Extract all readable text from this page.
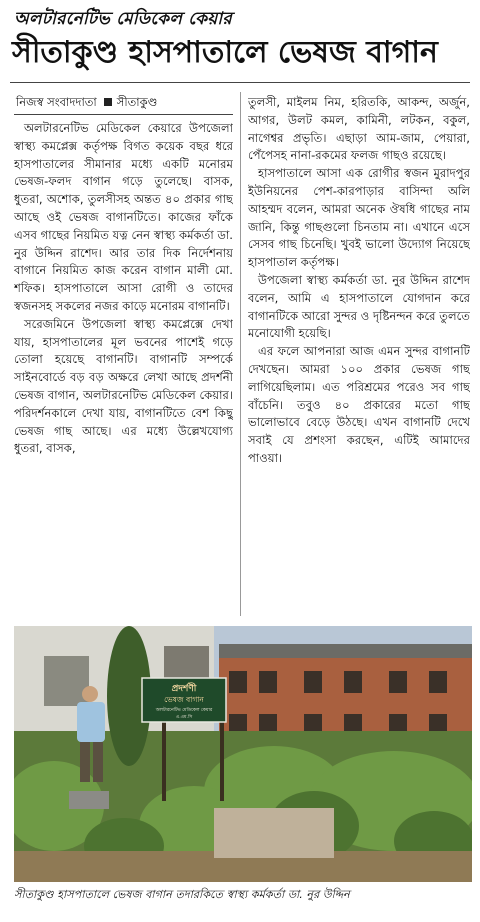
অলটারনেটিভ মেডিকেল কেয়ার
সীতাকুণ্ড হাসপাতালে ভেষজ বাগান
নিজস্ব সংবাদদাতা সীতাকুণ্ড

অলটারনেটিভ মেডিকেল কেয়ারে উপজেলা স্বাস্থ্য কমপ্লেক্স কর্তৃপক্ষ বিগত কয়েক বছর ধরে হাসপাতালের সীমানার মধ্যে একটি মনোরম ভেষজ-ফলদ বাগান গড়ে তুলেছে। বাসক, ধুতরা, অশোক, তুলসীসহ অন্তত ৪০ প্রকার গাছ আছে ওই ভেষজ বাগানটিতে। কাজের ফাঁকে এসব গাছের নিয়মিত যত্ন নেন স্বাস্থ্য কর্মকর্তা ডা. নুর উদ্দিন রাশেদ। আর তার দিক নির্দেশনায় বাগানে নিয়মিত কাজ করেন বাগান মালী মো. শফিক। হাসপাতালে আসা রোগী ও তাদের স্বজনসহ সকলের নজর কাড়ে মনোরম বাগানটি।

সরেজমিনে উপজেলা স্বাস্থ্য কমপ্লেক্সে দেখা যায়, হাসপাতালের মূল ভবনের পাশেই গড়ে তোলা হয়েছে বাগানটি। বাগানটি সম্পর্কে সাইনবোর্ডে বড় বড় অক্ষরে লেখা আছে প্রদর্শনী ভেষজ বাগান, অলটারনেটিভ মেডিকেল কেয়ার। পরিদর্শনকালে দেখা যায়, বাগানটিতে বেশ কিছু ভেষজ গাছ আছে। এর মধ্যে উল্লেখযোগ্য ধুতরা, বাসক,

তুলসী, মাইলম নিম, হরিতকি, আকন্দ, অর্জুন, আগর, উলট কমল, কামিনী, লটকন, বকুল, নাগেশ্বর প্রভৃতি। এছাড়া আম-জাম, পেয়ারা, পেঁপেসহ নানা-রকমের ফলজ গাছও রয়েছে।

হাসপাতালে আসা এক রোগীর স্বজন মুরাদপুর ইউনিয়নের পেশ-কারপাড়ার বাসিন্দা অলি আহম্মদ বলেন, আমরা অনেক ঔষধি গাছের নাম জানি, কিন্তু গাছগুলো চিনতাম না। এখানে এসে সেসব গাছ চিনেছি। খুবই ভালো উদ্যোগ নিয়েছে হাসপাতাল কর্তৃপক্ষ।

উপজেলা স্বাস্থ্য কর্মকর্তা ডা. নুর উদ্দিন রাশেদ বলেন, আমি এ হাসপাতালে যোগদান করে বাগানটিকে আরো সুন্দর ও দৃষ্টিনন্দন করে তুলতে মনোযোগী হয়েছি।

এর ফলে আপনারা আজ এমন সুন্দর বাগানটি দেখছেন। আমরা ১০০ প্রকার ভেষজ গাছ লাগিয়েছিলাম। এত পরিশ্রমের পরেও সব গাছ বাঁচেনি। তবুও ৪০ প্রকারের মতো গাছ ভালোভাবে বেড়ে উঠছে। এখন বাগানটি দেখে সবাই যে প্রশংসা করছেন, এটিই আমাদের পাওয়া।

প্রদর্শণী
ভেষজ বাগান
অলটারনেটিভ মেডিকেল কেয়ার
এ.এম.সি
সীতাকুণ্ড হাসপাতালে ভেষজ বাগান তদারকিতে স্বাস্থ্য কর্মকর্তা ডা. নুর উদ্দিন
